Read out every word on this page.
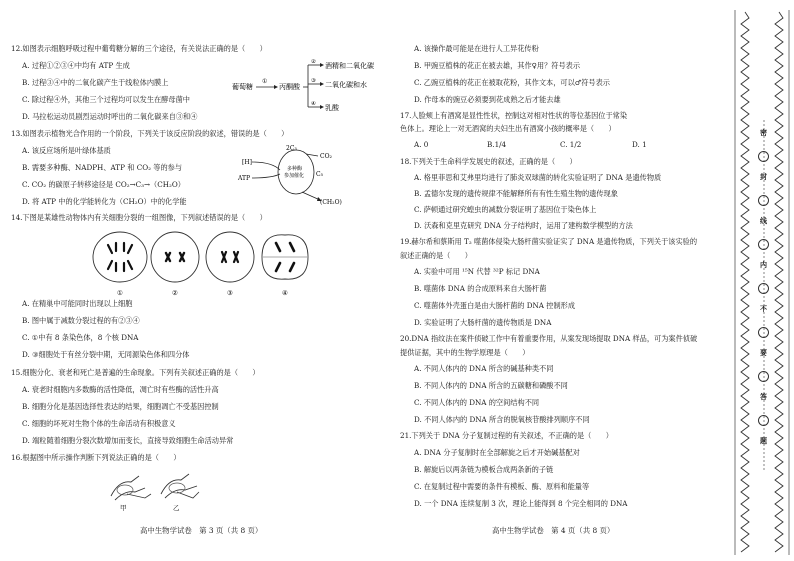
12.如图表示细胞呼吸过程中葡萄糖分解的三个途径，有关说法正确的是（　　）
A. 过程①②③④中均有 ATP 生成
B. 过程③④中的二氧化碳产生于线粒体内膜上
C. 除过程④外，其他三个过程均可以发生在酵母菌中
D. 马拉松运动员剧烈运动时呼出的二氧化碳来自③和④
葡萄糖
①
丙酮酸
②
③
④
酒精和二氧化碳
二氧化碳和水
乳酸
13.如图表示植物光合作用的一个阶段，下列关于该反应阶段的叙述，错误的是（　　）
A. 该反应场所是叶绿体基质
B. 需要多种酶、NADPH、ATP 和 CO₂ 等的参与
C. CO₂ 的碳原子转移途径是 CO₂→C₃→（CH₂O）
D. 将 ATP 中的化学能转化为（CH₂O）中的化学能
[H]
ATP
2C₃
CO₂
多种酶
参加催化 C₅
(CH₂O)
14.下图是某雄性动物体内有关细胞分裂的一组图像，下列叙述错误的是（　　）
①	②	③	④
A. 在精巢中可能同时出现以上细胞
B. 图中属于减数分裂过程的有②③④
C. ①中有 8 条染色体，8 个核 DNA
D. ③细胞处于有丝分裂中期，无同源染色体和四分体
15.细胞分化、衰老和死亡是普遍的生命现象。下列有关叙述正确的是（　　）
A. 衰老时细胞内多数酶的活性降低，凋亡时有些酶的活性升高
B. 细胞分化是基因选择性表达的结果，细胞凋亡不受基因控制
C. 细胞的坏死对生物个体的生命活动有积极意义
D. 端粒随着细胞分裂次数增加而变长，直接导致细胞生命活动异常
16.根据图中所示操作判断下列说法正确的是（　　）
甲	乙
高中生物学试卷　第 3 页（共 8 页）
A. 该操作最可能是在进行人工异花传粉
B. 甲豌豆植株的花正在被去雄，其作♀用？符号表示
C. 乙豌豆植株的花正在被取花粉，其作文本，可以♂符号表示
D. 作母本的豌豆必须要到花成熟之后才能去雄
17.人脸颊上有酒窝是显性性状，控制这对相对性状的等位基因位于常染
色体上。理论上一对无酒窝的夫妇生出有酒窝小孩的概率是（　　）
A. 0	B.1/4	C. 1/2	D. 1
18.下列关于生命科学发展史的叙述，正确的是（　　）
A. 格里菲思和艾弗里均进行了肺炎双球菌的转化实验证明了 DNA 是遗传物质
B. 孟德尔发现的遗传规律不能解释所有有性生殖生物的遗传现象
C. 萨顿通过研究蝗虫的减数分裂证明了基因位于染色体上
D. 沃森和克里克研究 DNA 分子结构时，运用了建构数学模型的方法
19.赫尔希和蔡斯用 T₂ 噬菌体侵染大肠杆菌实验证实了 DNA 是遗传物质，下列关于该实验的
叙述正确的是（　　）
A. 实验中可用 ¹⁵N 代替 ³²P 标记 DNA
B. 噬菌体 DNA 的合成原料来自大肠杆菌
C. 噬菌体外壳蛋白是由大肠杆菌的 DNA 控制形成
D. 实验证明了大肠杆菌的遗传物质是 DNA
20.DNA 指纹法在案件侦破工作中有着重要作用，从案发现场提取 DNA 样品，可为案件侦破
提供证据，其中的生物学原理是（　　）
A. 不同人体内的 DNA 所含的碱基种类不同
B. 不同人体内的 DNA 所含的五碳糖和磷酸不同
C. 不同人体内的 DNA 的空间结构不同
D. 不同人体内的 DNA 所含的脱氧核苷酸排列顺序不同
21.下列关于 DNA 分子复制过程的有关叙述，不正确的是（　　）
A. DNA 分子复制时在全部解旋之后才开始碱基配对
B. 解旋后以两条链为模板合成两条新的子链
C. 在复制过程中需要的条件有模板、酶、原料和能量等
D. 一个 DNA 连续复制 3 次，理论上能得到 8 个完全相同的 DNA
高中生物学试卷　第 4 页（共 8 页）
密
封
线
内
不
要
答
题
